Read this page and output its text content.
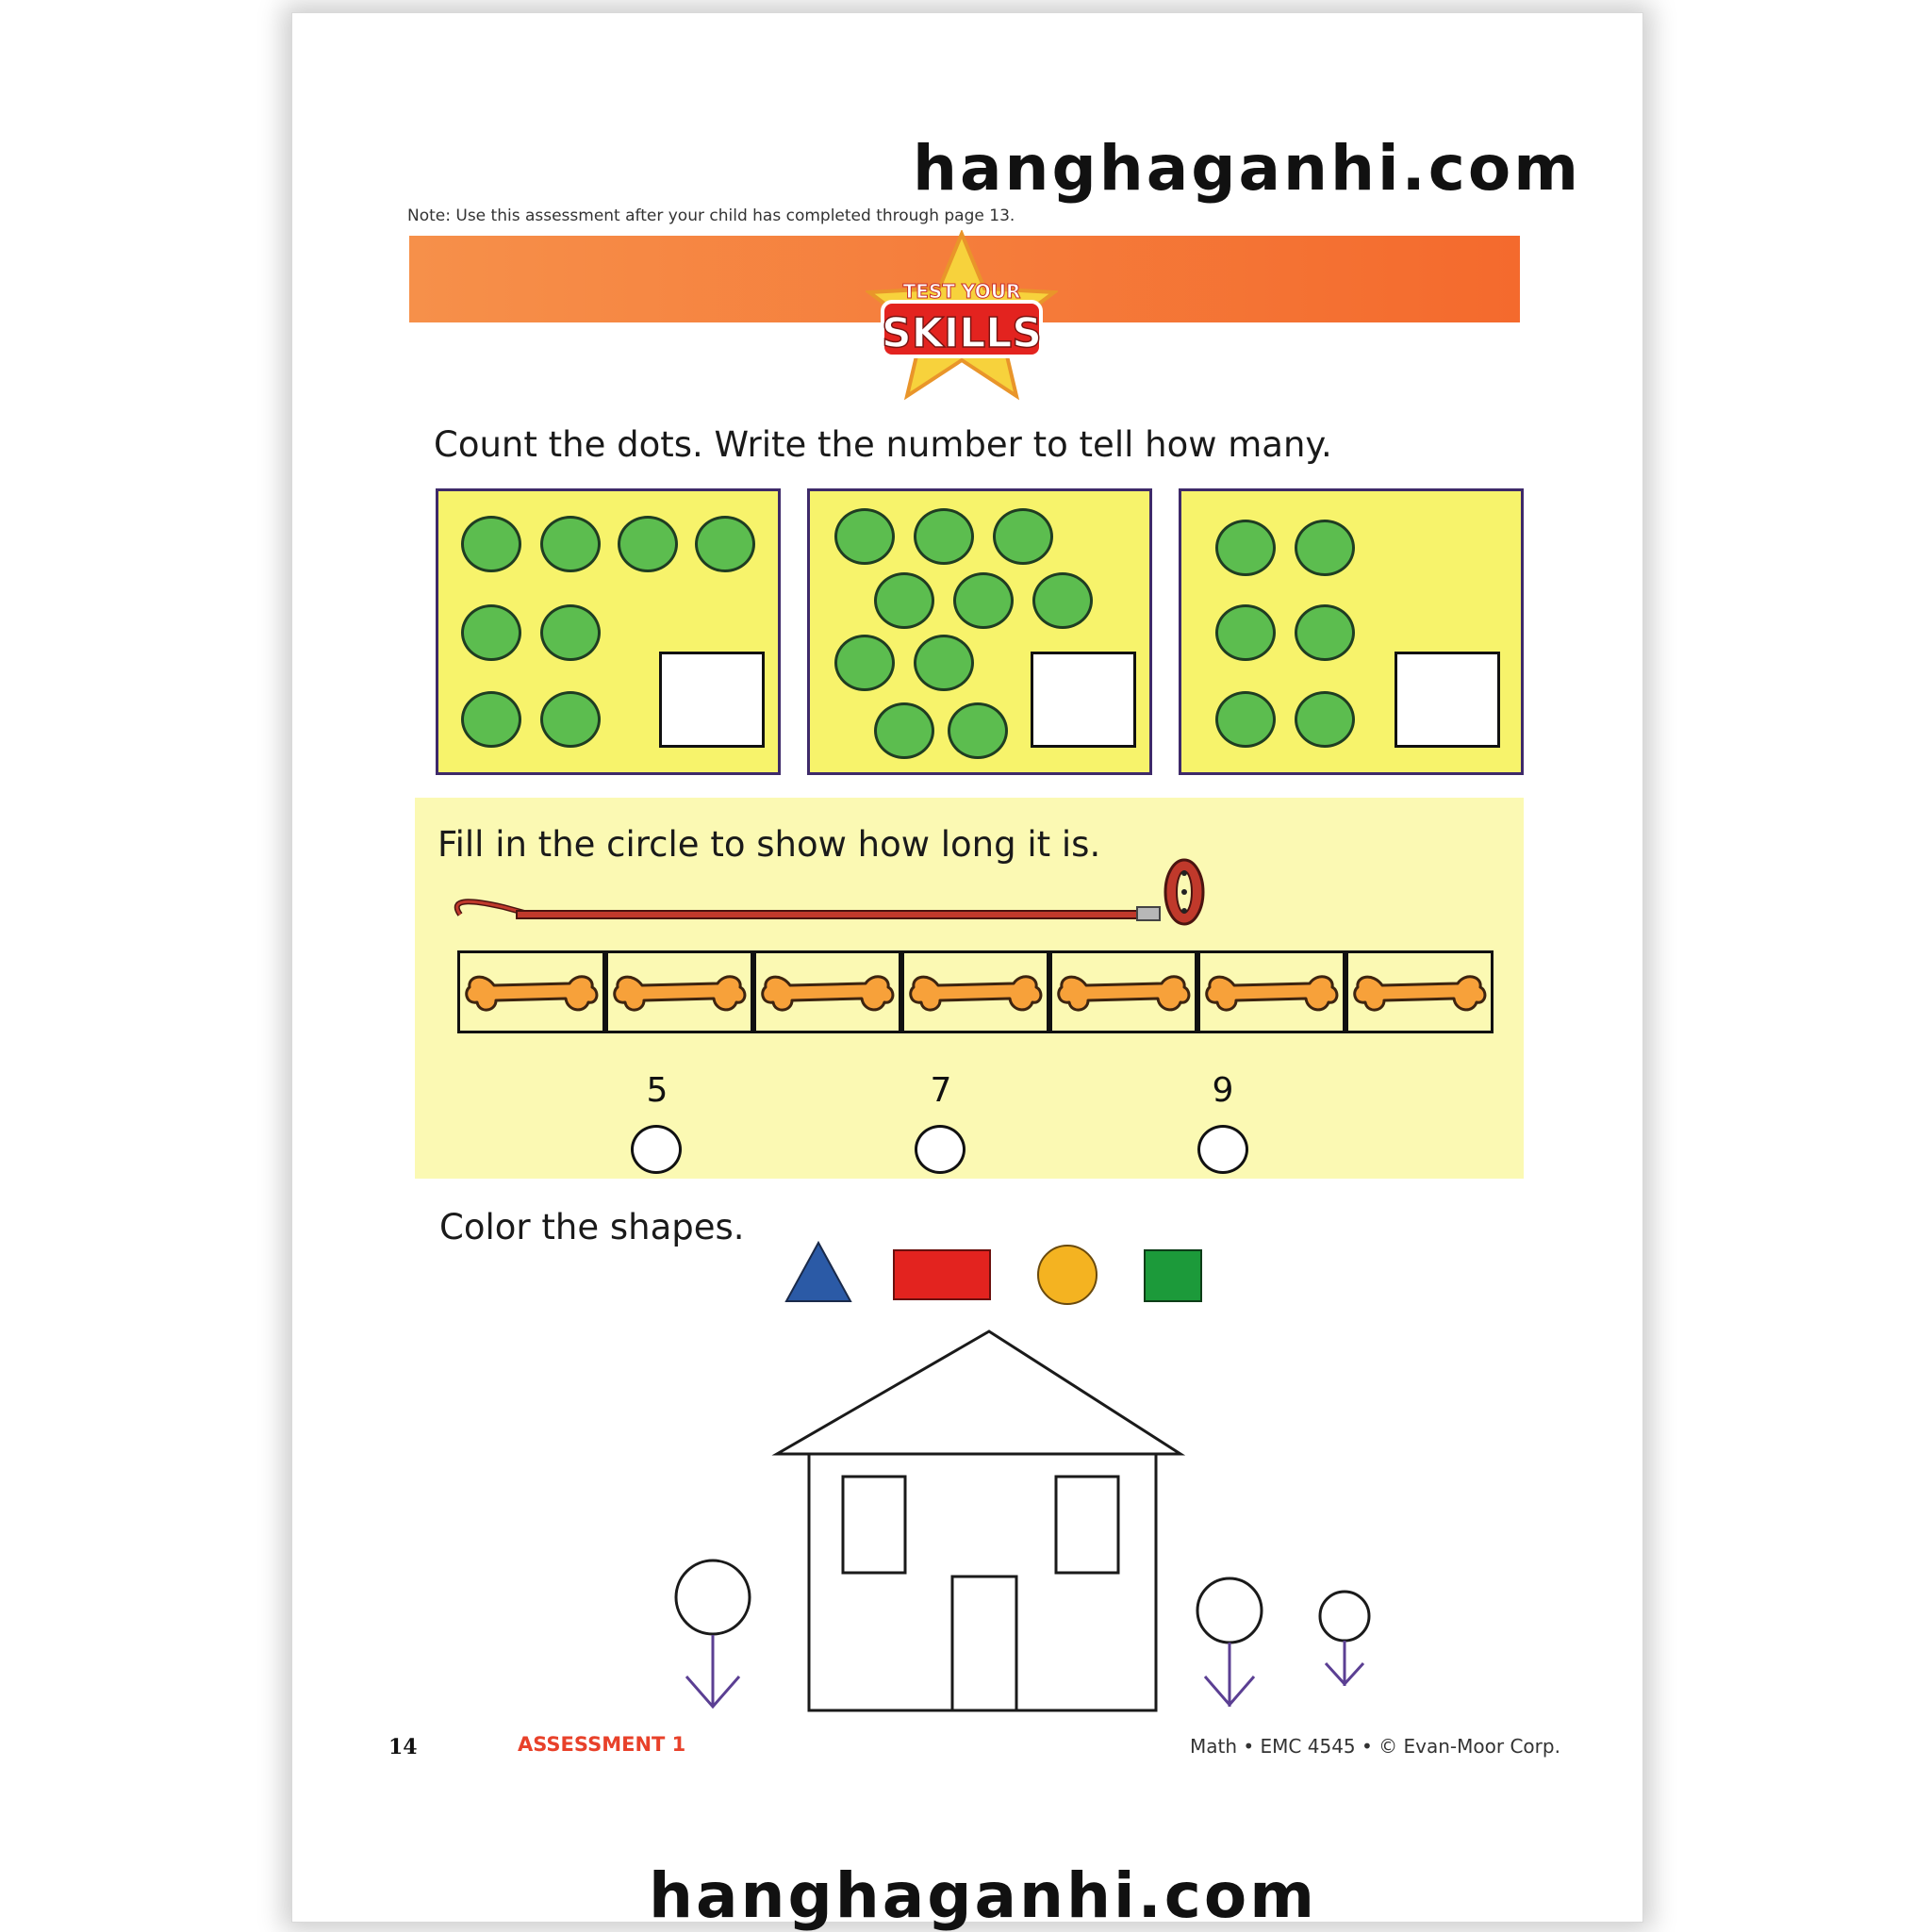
hanghaganhi.com
Note: Use this assessment after your child has completed through page 13.
TEST YOUR
SKILLS
Count the dots. Write the number to tell how many.
Fill in the circle to show how long it is.
5	7	9
Color the shapes.
14	ASSESSMENT 1	Math • EMC 4545 • © Evan-Moor Corp.
hanghaganhi.com
